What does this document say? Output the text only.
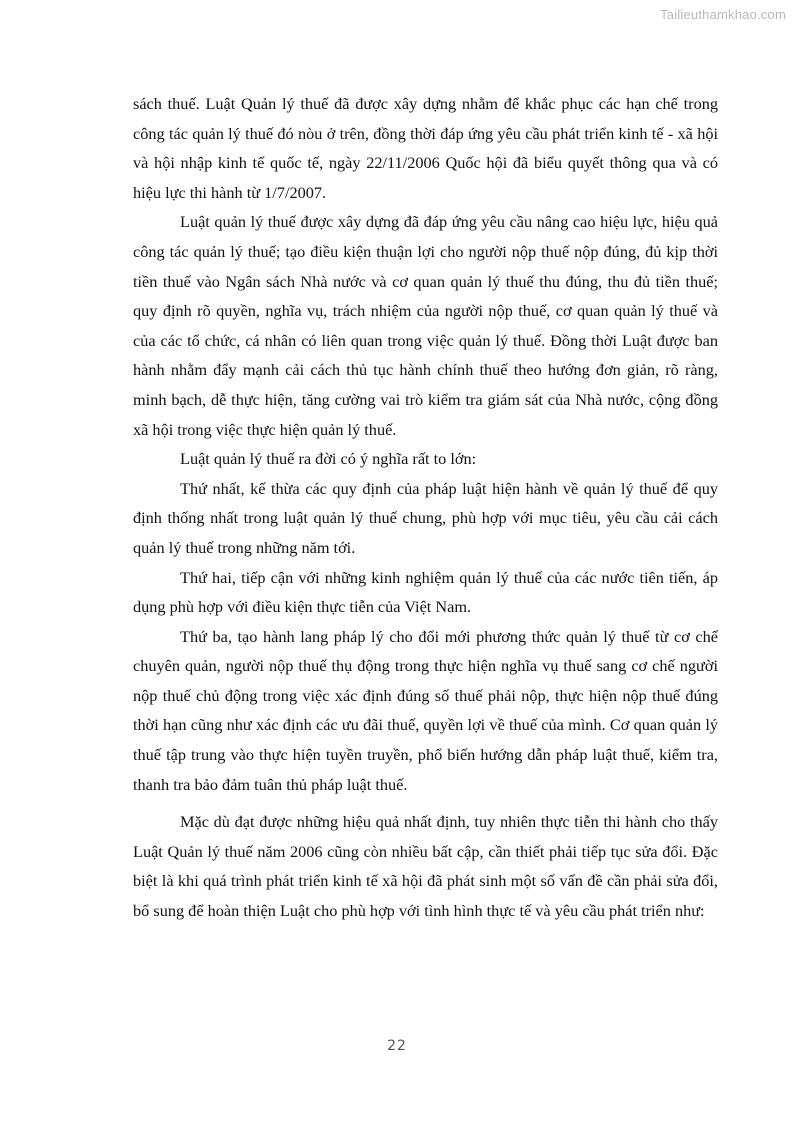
Tailieuthamkhao.com

sách thuế. Luật Quản lý thuế đã được xây dựng nhằm để khắc phục các hạn chế trong công tác quản lý thuế đó nòu ở trên, đồng thời đáp ứng yêu cầu phát triển kinh tế - xã hội và hội nhập kinh tế quốc tế, ngày 22/11/2006 Quốc hội đã biểu quyết thông qua và có hiệu lực thi hành từ 1/7/2007.

Luật quản lý thuế được xây dựng đã đáp ứng yêu cầu nâng cao hiệu lực, hiệu quả công tác quản lý thuế; tạo điều kiện thuận lợi cho người nộp thuế nộp đúng, đủ kịp thời tiền thuế vào Ngân sách Nhà nước và cơ quan quản lý thuế thu đúng, thu đủ tiền thuế; quy định rõ quyền, nghĩa vụ, trách nhiệm của người nộp thuế, cơ quan quản lý thuế và của các tổ chức, cá nhân có liên quan trong việc quản lý thuế. Đồng thời Luật được ban hành nhằm đẩy mạnh cải cách thủ tục hành chính thuế theo hướng đơn giản, rõ ràng, minh bạch, dễ thực hiện, tăng cường vai trò kiểm tra giám sát của Nhà nước, cộng đồng xã hội trong việc thực hiện quản lý thuế.

Luật quản lý thuế ra đời có ý nghĩa rất to lớn:

Thứ nhất, kế thừa các quy định của pháp luật hiện hành về quản lý thuế để quy định thống nhất trong luật quản lý thuế chung, phù hợp với mục tiêu, yêu cầu cải cách quản lý thuế trong những năm tới.

Thứ hai, tiếp cận với những kinh nghiệm quản lý thuế của các nước tiên tiến, áp dụng phù hợp với điều kiện thực tiễn của Việt Nam.

Thứ ba, tạo hành lang pháp lý cho đổi mới phương thức quản lý thuế từ cơ chế chuyên quản, người nộp thuế thụ động trong thực hiện nghĩa vụ thuế sang cơ chế người nộp thuế chủ động trong việc xác định đúng số thuế phải nộp, thực hiện nộp thuế đúng thời hạn cũng như xác định các ưu đãi thuế, quyền lợi về thuế của mình. Cơ quan quản lý thuế tập trung vào thực hiện tuyền truyền, phổ biến hướng dẫn pháp luật thuế, kiểm tra, thanh tra bảo đảm tuân thủ pháp luật thuế.

Mặc dù đạt được những hiệu quả nhất định, tuy nhiên thực tiễn thi hành cho thấy Luật Quản lý thuế năm 2006 cũng còn nhiều bất cập, cần thiết phải tiếp tục sửa đổi. Đặc biệt là khi quá trình phát triển kinh tế xã hội đã phát sinh một số vấn đề cần phải sửa đổi, bổ sung để hoàn thiện Luật cho phù hợp với tình hình thực tế và yêu cầu phát triển như:

22
